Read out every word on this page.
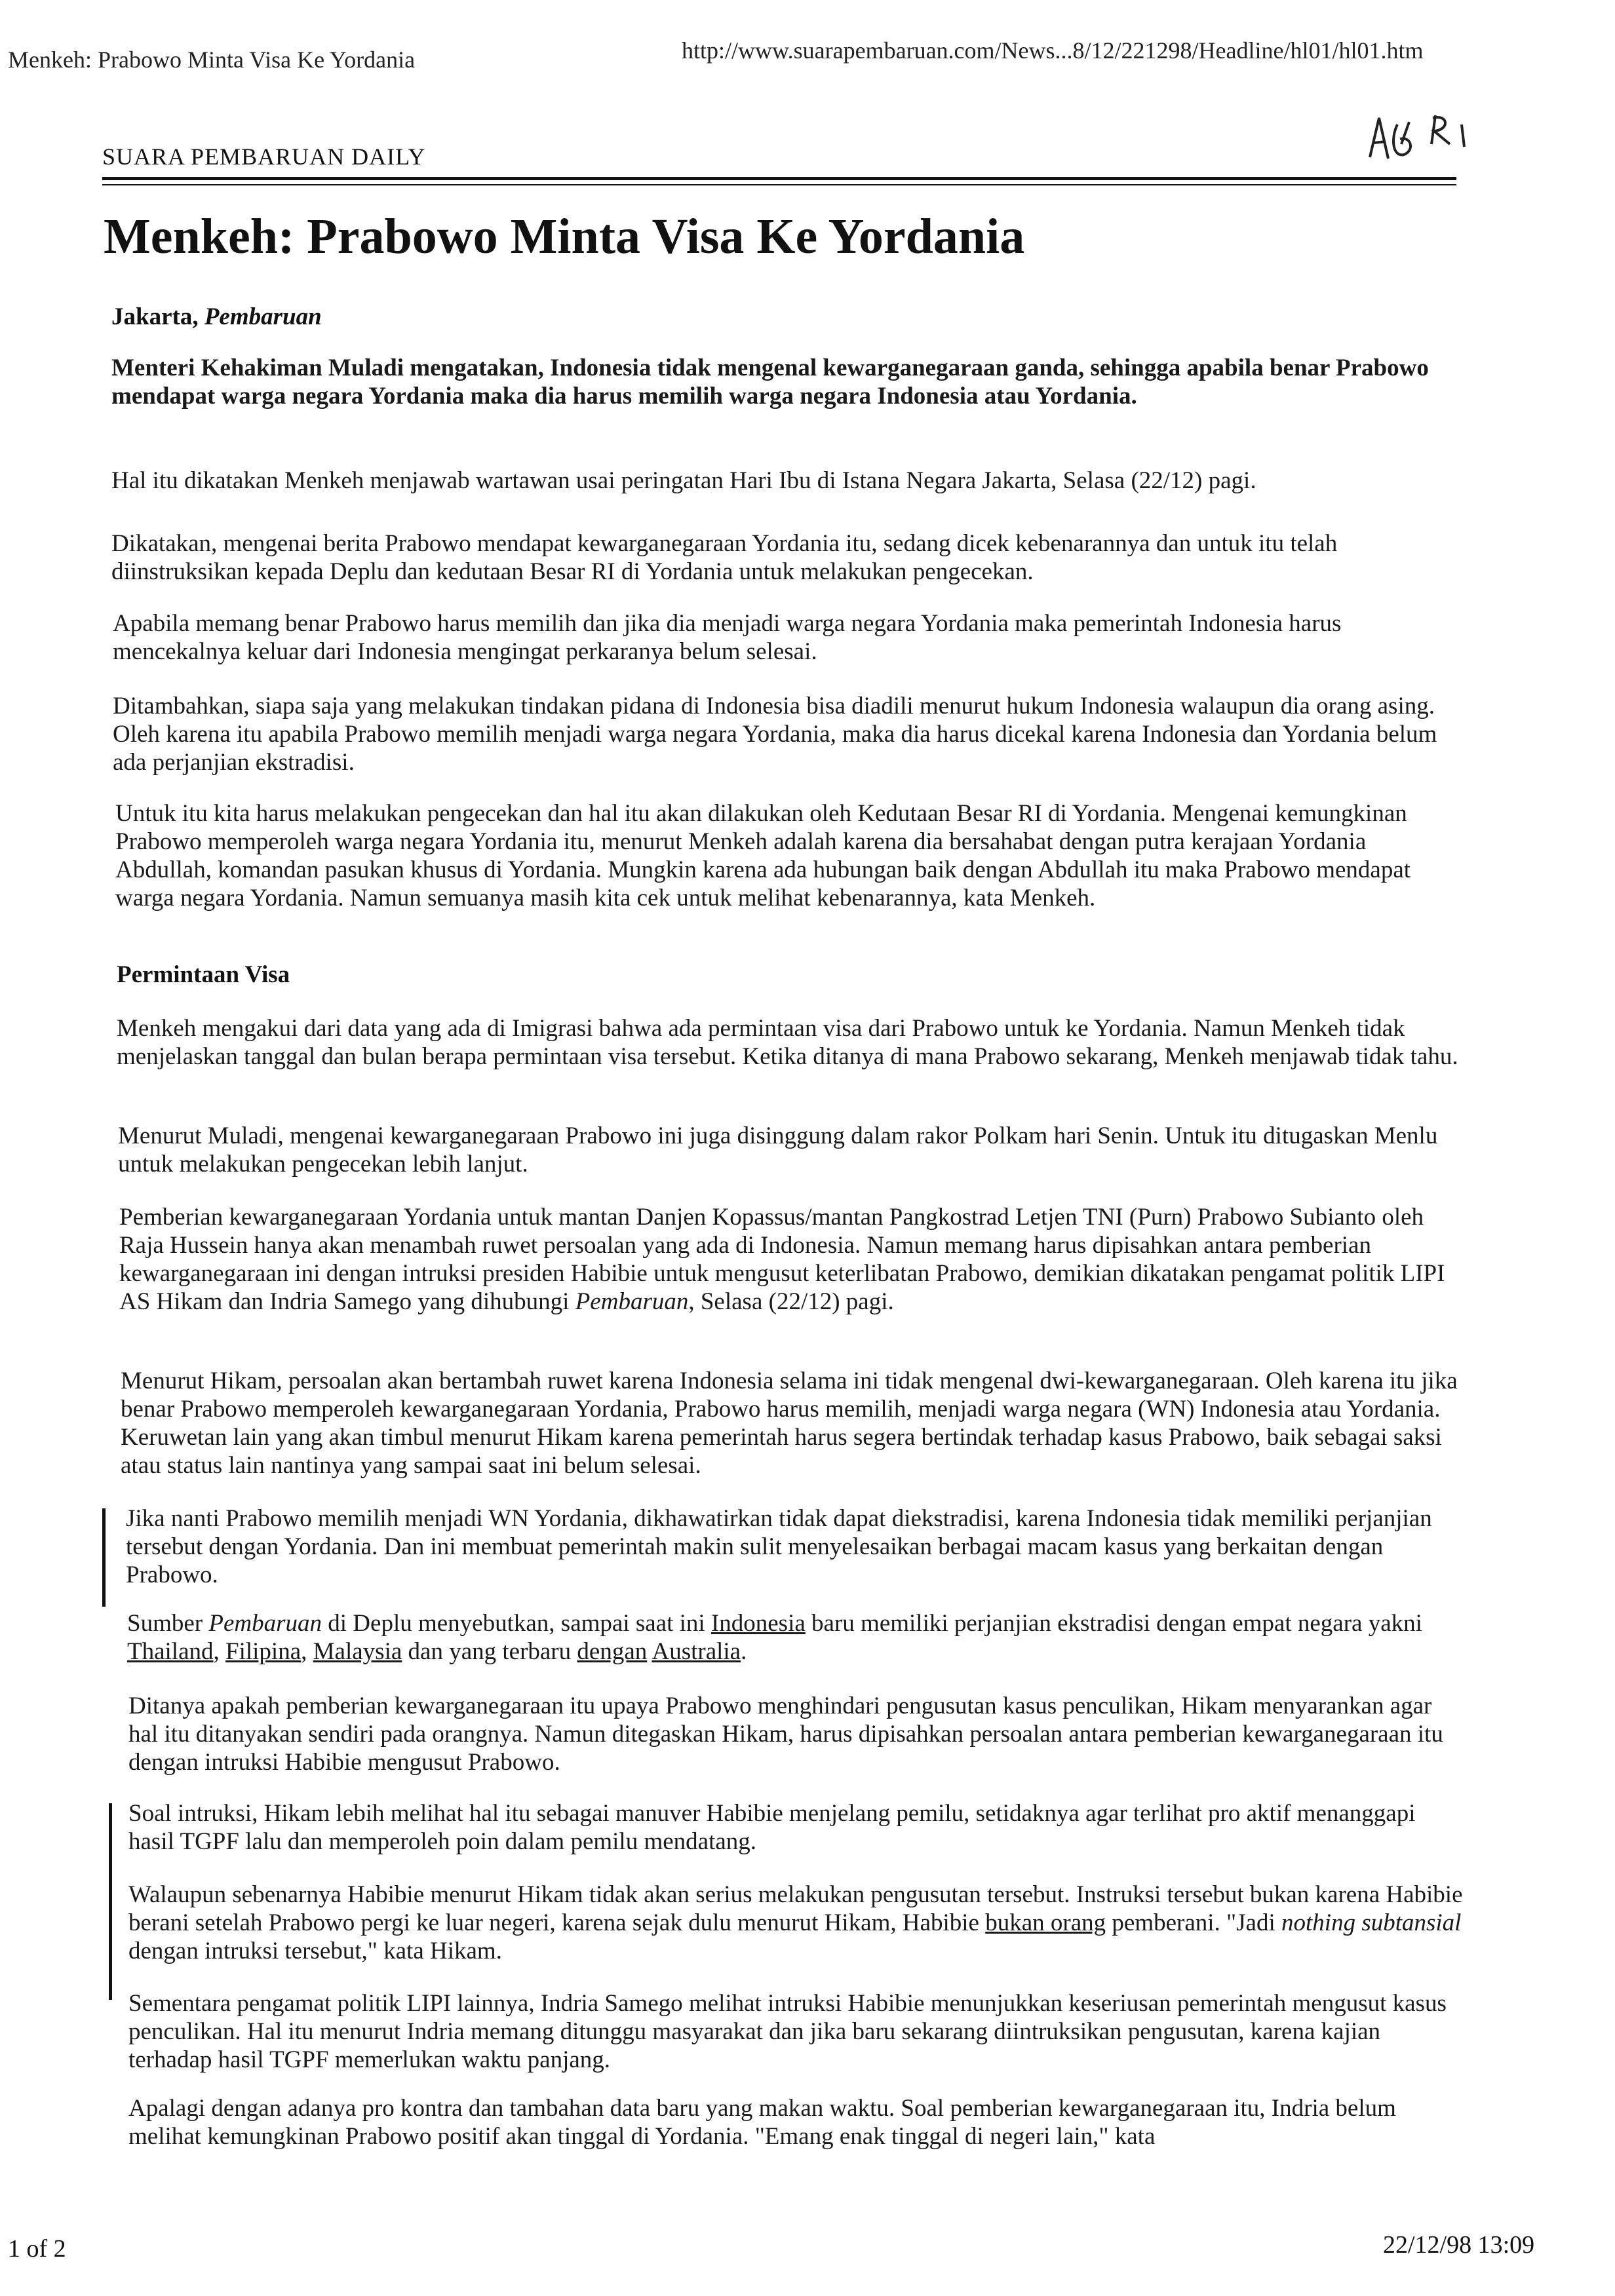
Menkeh: Prabowo Minta Visa Ke Yordania	http://www.suarapembaruan.com/News...8/12/221298/Headline/hl01/hl01.htm
SUARA PEMBARUAN DAILY
Menkeh: Prabowo Minta Visa Ke Yordania
Jakarta, Pembaruan
Menteri Kehakiman Muladi mengatakan, Indonesia tidak mengenal kewarganegaraan ganda, sehingga apabila benar Prabowo mendapat warga negara Yordania maka dia harus memilih warga negara Indonesia atau Yordania.
Hal itu dikatakan Menkeh menjawab wartawan usai peringatan Hari Ibu di Istana Negara Jakarta, Selasa (22/12) pagi.
Dikatakan, mengenai berita Prabowo mendapat kewarganegaraan Yordania itu, sedang dicek kebenarannya dan untuk itu telah diinstruksikan kepada Deplu dan kedutaan Besar RI di Yordania untuk melakukan pengecekan.
Apabila memang benar Prabowo harus memilih dan jika dia menjadi warga negara Yordania maka pemerintah Indonesia harus mencekalnya keluar dari Indonesia mengingat perkaranya belum selesai.
Ditambahkan, siapa saja yang melakukan tindakan pidana di Indonesia bisa diadili menurut hukum Indonesia walaupun dia orang asing. Oleh karena itu apabila Prabowo memilih menjadi warga negara Yordania, maka dia harus dicekal karena Indonesia dan Yordania belum ada perjanjian ekstradisi.
Untuk itu kita harus melakukan pengecekan dan hal itu akan dilakukan oleh Kedutaan Besar RI di Yordania. Mengenai kemungkinan Prabowo memperoleh warga negara Yordania itu, menurut Menkeh adalah karena dia bersahabat dengan putra kerajaan Yordania Abdullah, komandan pasukan khusus di Yordania. Mungkin karena ada hubungan baik dengan Abdullah itu maka Prabowo mendapat warga negara Yordania. Namun semuanya masih kita cek untuk melihat kebenarannya, kata Menkeh.
Permintaan Visa
Menkeh mengakui dari data yang ada di Imigrasi bahwa ada permintaan visa dari Prabowo untuk ke Yordania. Namun Menkeh tidak menjelaskan tanggal dan bulan berapa permintaan visa tersebut. Ketika ditanya di mana Prabowo sekarang, Menkeh menjawab tidak tahu.
Menurut Muladi, mengenai kewarganegaraan Prabowo ini juga disinggung dalam rakor Polkam hari Senin. Untuk itu ditugaskan Menlu untuk melakukan pengecekan lebih lanjut.
Pemberian kewarganegaraan Yordania untuk mantan Danjen Kopassus/mantan Pangkostrad Letjen TNI (Purn) Prabowo Subianto oleh Raja Hussein hanya akan menambah ruwet persoalan yang ada di Indonesia. Namun memang harus dipisahkan antara pemberian kewarganegaraan ini dengan intruksi presiden Habibie untuk mengusut keterlibatan Prabowo, demikian dikatakan pengamat politik LIPI AS Hikam dan Indria Samego yang dihubungi Pembaruan, Selasa (22/12) pagi.
Menurut Hikam, persoalan akan bertambah ruwet karena Indonesia selama ini tidak mengenal dwi-kewarganegaraan. Oleh karena itu jika benar Prabowo memperoleh kewarganegaraan Yordania, Prabowo harus memilih, menjadi warga negara (WN) Indonesia atau Yordania. Keruwetan lain yang akan timbul menurut Hikam karena pemerintah harus segera bertindak terhadap kasus Prabowo, baik sebagai saksi atau status lain nantinya yang sampai saat ini belum selesai.
Jika nanti Prabowo memilih menjadi WN Yordania, dikhawatirkan tidak dapat diekstradisi, karena Indonesia tidak memiliki perjanjian tersebut dengan Yordania. Dan ini membuat pemerintah makin sulit menyelesaikan berbagai macam kasus yang berkaitan dengan Prabowo.
Sumber Pembaruan di Deplu menyebutkan, sampai saat ini Indonesia baru memiliki perjanjian ekstradisi dengan empat negara yakni Thailand, Filipina, Malaysia dan yang terbaru dengan Australia.
Ditanya apakah pemberian kewarganegaraan itu upaya Prabowo menghindari pengusutan kasus penculikan, Hikam menyarankan agar hal itu ditanyakan sendiri pada orangnya. Namun ditegaskan Hikam, harus dipisahkan persoalan antara pemberian kewarganegaraan itu dengan intruksi Habibie mengusut Prabowo.
Soal intruksi, Hikam lebih melihat hal itu sebagai manuver Habibie menjelang pemilu, setidaknya agar terlihat pro aktif menanggapi hasil TGPF lalu dan memperoleh poin dalam pemilu mendatang.
Walaupun sebenarnya Habibie menurut Hikam tidak akan serius melakukan pengusutan tersebut. Instruksi tersebut bukan karena Habibie berani setelah Prabowo pergi ke luar negeri, karena sejak dulu menurut Hikam, Habibie bukan orang pemberani. "Jadi nothing subtansial dengan intruksi tersebut," kata Hikam.
Sementara pengamat politik LIPI lainnya, Indria Samego melihat intruksi Habibie menunjukkan keseriusan pemerintah mengusut kasus penculikan. Hal itu menurut Indria memang ditunggu masyarakat dan jika baru sekarang diintruksikan pengusutan, karena kajian terhadap hasil TGPF memerlukan waktu panjang.
Apalagi dengan adanya pro kontra dan tambahan data baru yang makan waktu. Soal pemberian kewarganegaraan itu, Indria belum melihat kemungkinan Prabowo positif akan tinggal di Yordania. "Emang enak tinggal di negeri lain," kata
1 of 2	22/12/98 13:09
